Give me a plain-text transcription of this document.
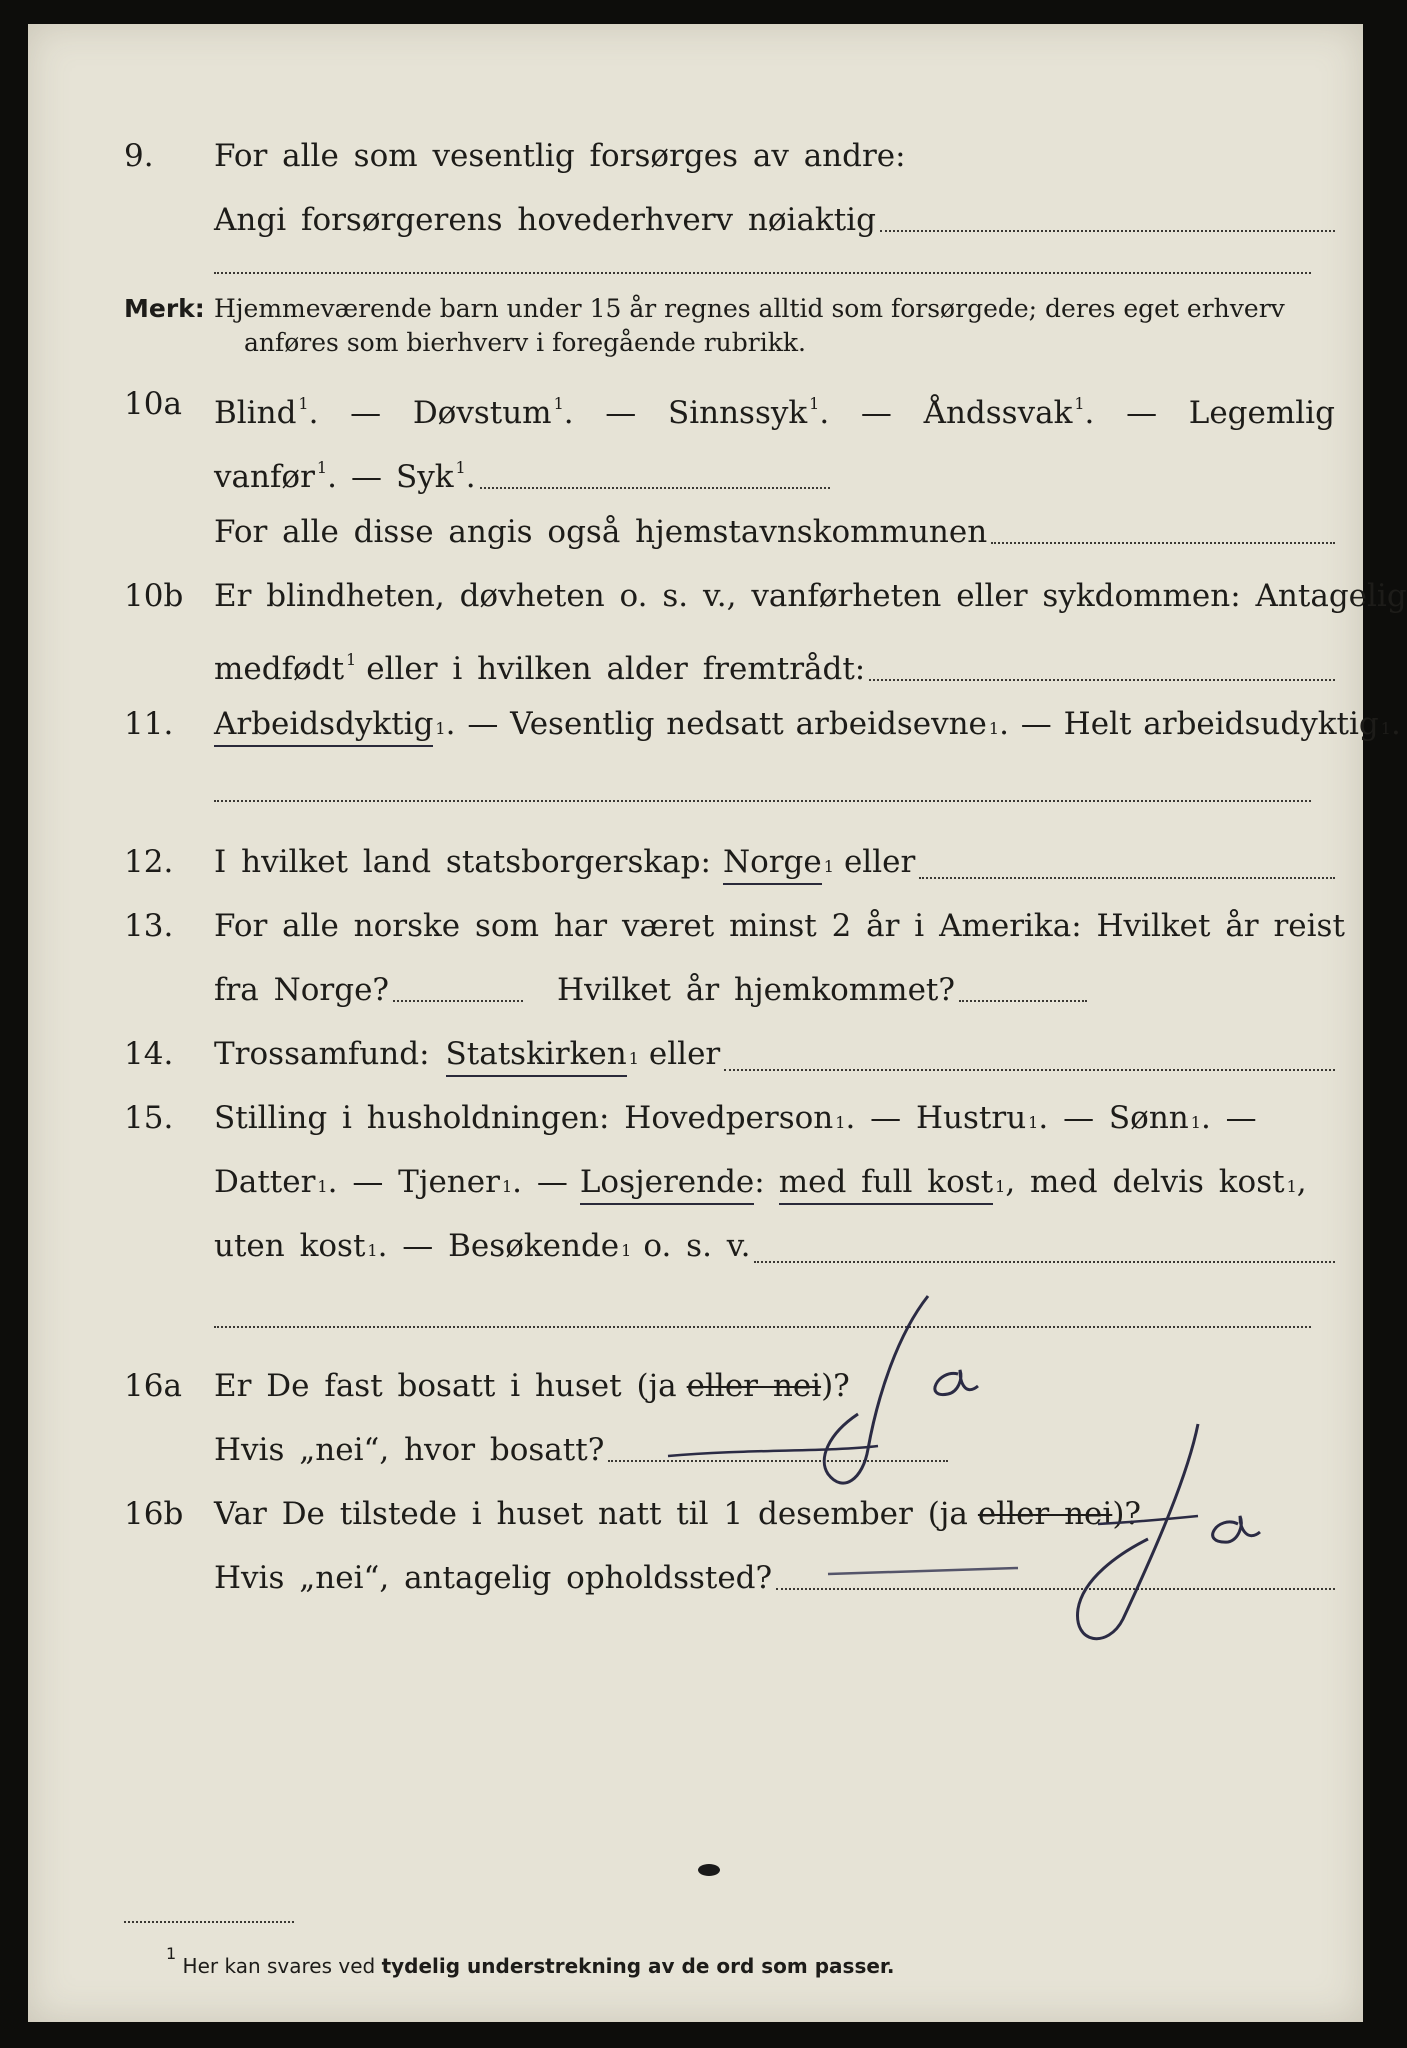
9. For alle som vesentlig forsørges av andre:
Angi forsørgerens hovederhverv nøiaktig
Merk: Hjemmeværende barn under 15 år regnes alltid som forsørgede; deres eget erhverv
anføres som bierhverv i foregående rubrikk.
10a Blind $^1$. — Døvstum $^1$. — Sinnssyk $^1$. — Åndssvak $^1$. — Legemlig
vanfør $^1$. — Syk $^1$.
For alle disse angis også hjemstavnskommunen
10b Er blindheten, døvheten o. s. v., vanførheten eller sykdommen: Antagelig
medfødt $^1$ eller i hvilken alder fremtrådt:
11. Arbeidsdyktig 1 . — Vesentlig nedsatt arbeidsevne 1 . — Helt arbeidsudyktig 1 .
12. I hvilket land statsborgerskap: Norge 1 eller
13. For alle norske som har været minst 2 år i Amerika: Hvilket år reist
fra Norge?	Hvilket år hjemkommet?
14. Trossamfund: Statskirken 1 eller
15. Stilling i husholdningen: Hovedperson 1 . — Hustru 1 . — Sønn 1 . —
Datter 1 . — Tjener 1 . — Losjerende : med full kost 1 , med delvis kost 1 ,
uten kost 1 . — Besøkende 1 o. s. v.
16a Er De fast bosatt i huset (ja eller nei )?
Hvis „nei“, hvor bosatt?
16b Var De tilstede i huset natt til 1 desember (ja eller nei )?
Hvis „nei“, antagelig opholdssted?
$^1$ Her kan svares ved tydelig understrekning av de ord som passer.
